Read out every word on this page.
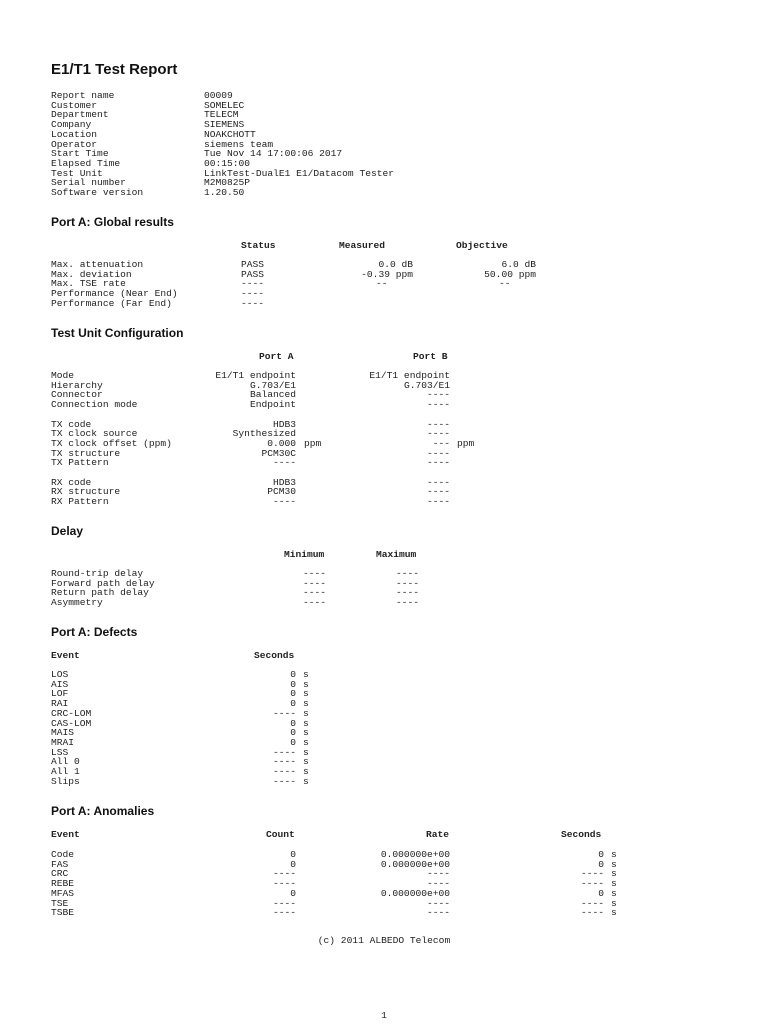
E1/T1 Test Report
Report name	00009
Customer	SOMELEC
Department	TELECM
Company	SIEMENS
Location	NOAKCHOTT
Operator	siemens team
Start Time	Tue Nov 14 17:00:06 2017
Elapsed Time	00:15:00
Test Unit	LinkTest-DualE1 E1/Datacom Tester
Serial number	M2M0825P
Software version	1.20.50
Port A: Global results
Status	Measured	Objective
Max. attenuation	PASS	0.0 dB	6.0 dB
Max. deviation	PASS	-0.39 ppm	50.00 ppm
Max. TSE rate	----	--	--
Performance (Near End)	----
Performance (Far End)	----
Test Unit Configuration
Port A	Port B
Mode	E1/T1 endpoint	E1/T1 endpoint
Hierarchy	G.703/E1	G.703/E1
Connector	Balanced	----
Connection mode	Endpoint	----
TX code	HDB3	----
TX clock source	Synthesized	----
TX clock offset (ppm)	0.000 ppm	--- ppm
TX structure	PCM30C	----
TX Pattern	----	----
RX code	HDB3	----
RX structure	PCM30	----
RX Pattern	----	----
Delay
Minimum	Maximum
Round-trip delay	----	----
Forward path delay	----	----
Return path delay	----	----
Asymmetry	----	----
Port A: Defects
Event	Seconds
LOS	0 s
AIS	0 s
LOF	0 s
RAI	0 s
CRC-LOM	---- s
CAS-LOM	0 s
MAIS	0 s
MRAI	0 s
LSS	---- s
All 0	---- s
All 1	---- s
Slips	---- s
Port A: Anomalies
Event	Count	Rate	Seconds
Code	0	0.000000e+00	0 s
FAS	0	0.000000e+00	0 s
CRC	----	----	---- s
REBE	----	----	---- s
MFAS	0	0.000000e+00	0 s
TSE	----	----	---- s
TSBE	----	----	---- s
(c) 2011 ALBEDO Telecom
1
